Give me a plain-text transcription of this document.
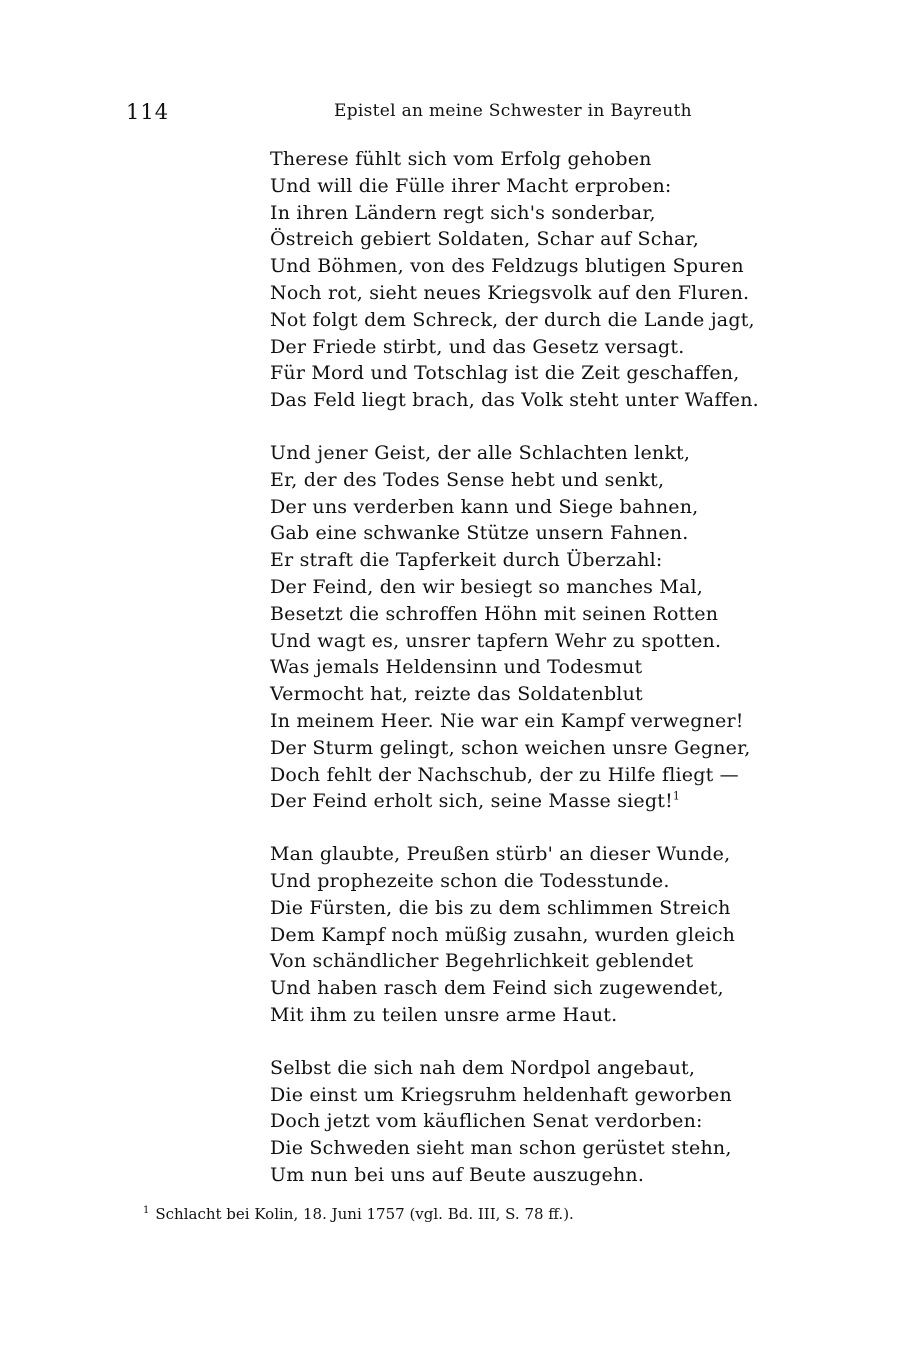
114	Epistel an meine Schwester in Bayreuth
Therese fühlt sich vom Erfolg gehoben
Und will die Fülle ihrer Macht erproben:
In ihren Ländern regt sich's sonderbar,
Östreich gebiert Soldaten, Schar auf Schar,
Und Böhmen, von des Feldzugs blutigen Spuren
Noch rot, sieht neues Kriegsvolk auf den Fluren.
Not folgt dem Schreck, der durch die Lande jagt,
Der Friede stirbt, und das Gesetz versagt.
Für Mord und Totschlag ist die Zeit geschaffen,
Das Feld liegt brach, das Volk steht unter Waffen.
Und jener Geist, der alle Schlachten lenkt,
Er, der des Todes Sense hebt und senkt,
Der uns verderben kann und Siege bahnen,
Gab eine schwanke Stütze unsern Fahnen.
Er straft die Tapferkeit durch Überzahl:
Der Feind, den wir besiegt so manches Mal,
Besetzt die schroffen Höhn mit seinen Rotten
Und wagt es, unsrer tapfern Wehr zu spotten.
Was jemals Heldensinn und Todesmut
Vermocht hat, reizte das Soldatenblut
In meinem Heer. Nie war ein Kampf verwegner!
Der Sturm gelingt, schon weichen unsre Gegner,
Doch fehlt der Nachschub, der zu Hilfe fliegt —
Der Feind erholt sich, seine Masse siegt!$^1$
Man glaubte, Preußen stürb' an dieser Wunde,
Und prophezeite schon die Todesstunde.
Die Fürsten, die bis zu dem schlimmen Streich
Dem Kampf noch müßig zusahn, wurden gleich
Von schändlicher Begehrlichkeit geblendet
Und haben rasch dem Feind sich zugewendet,
Mit ihm zu teilen unsre arme Haut.
Selbst die sich nah dem Nordpol angebaut,
Die einst um Kriegsruhm heldenhaft geworben
Doch jetzt vom käuflichen Senat verdorben:
Die Schweden sieht man schon gerüstet stehn,
Um nun bei uns auf Beute auszugehn.
$^1$ Schlacht bei Kolin, 18. Juni 1757 (vgl. Bd. III, S. 78 ff.).
